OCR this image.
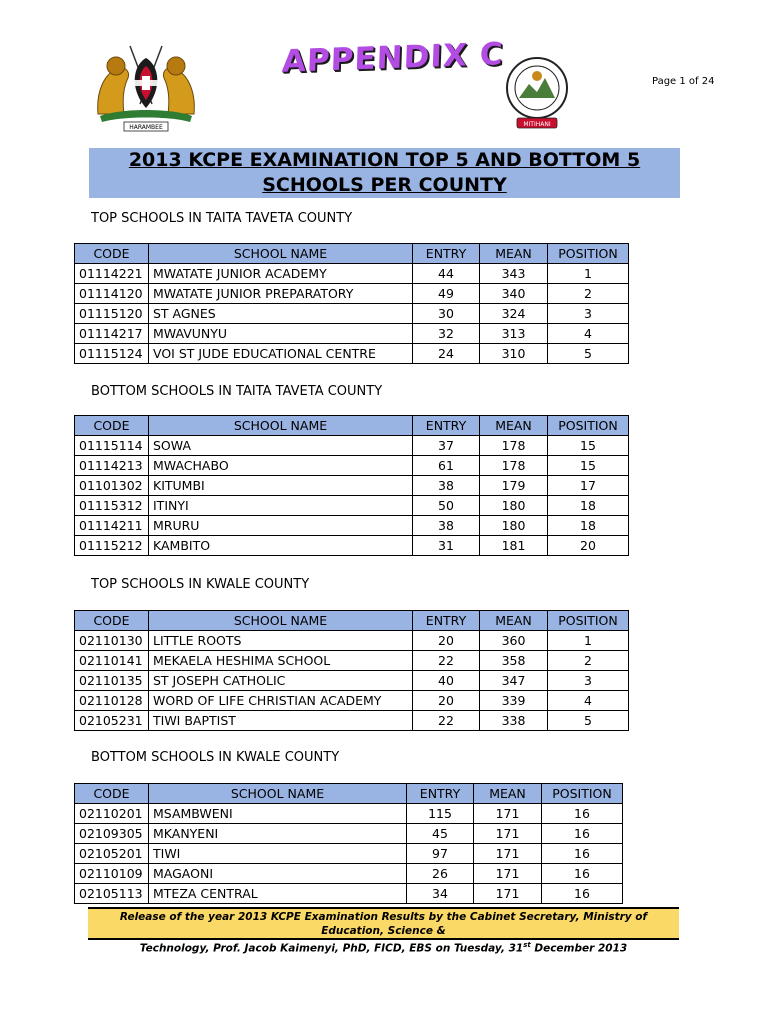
HARAMBEE
APPENDIX C
MITIHANI
Page 1 of 24
2013 KCPE EXAMINATION TOP 5 AND BOTTOM 5
SCHOOLS PER COUNTY
TOP SCHOOLS IN TAITA TAVETA COUNTY
CODE	SCHOOL NAME	ENTRY	MEAN	POSITION
01114221	MWATATE JUNIOR ACADEMY	44	343	1
01114120	MWATATE JUNIOR PREPARATORY	49	340	2
01115120	ST AGNES	30	324	3
01114217	MWAVUNYU	32	313	4
01115124	VOI ST JUDE EDUCATIONAL CENTRE	24	310	5
BOTTOM SCHOOLS IN TAITA TAVETA COUNTY
CODE	SCHOOL NAME	ENTRY	MEAN	POSITION
01115114	SOWA	37	178	15
01114213	MWACHABO	61	178	15
01101302	KITUMBI	38	179	17
01115312	ITINYI	50	180	18
01114211	MRURU	38	180	18
01115212	KAMBITO	31	181	20
TOP SCHOOLS IN KWALE COUNTY
CODE	SCHOOL NAME	ENTRY	MEAN	POSITION
02110130	LITTLE ROOTS	20	360	1
02110141	MEKAELA HESHIMA SCHOOL	22	358	2
02110135	ST JOSEPH CATHOLIC	40	347	3
02110128	WORD OF LIFE CHRISTIAN ACADEMY	20	339	4
02105231	TIWI BAPTIST	22	338	5
BOTTOM SCHOOLS IN KWALE COUNTY
CODE	SCHOOL NAME	ENTRY	MEAN	POSITION
02110201	MSAMBWENI	115	171	16
02109305	MKANYENI	45	171	16
02105201	TIWI	97	171	16
02110109	MAGAONI	26	171	16
02105113	MTEZA CENTRAL	34	171	16
Release of the year 2013 KCPE Examination Results by the Cabinet Secretary, Ministry of Education, Science &
Technology, Prof. Jacob Kaimenyi, PhD, FICD, EBS on Tuesday, 31st December 2013
